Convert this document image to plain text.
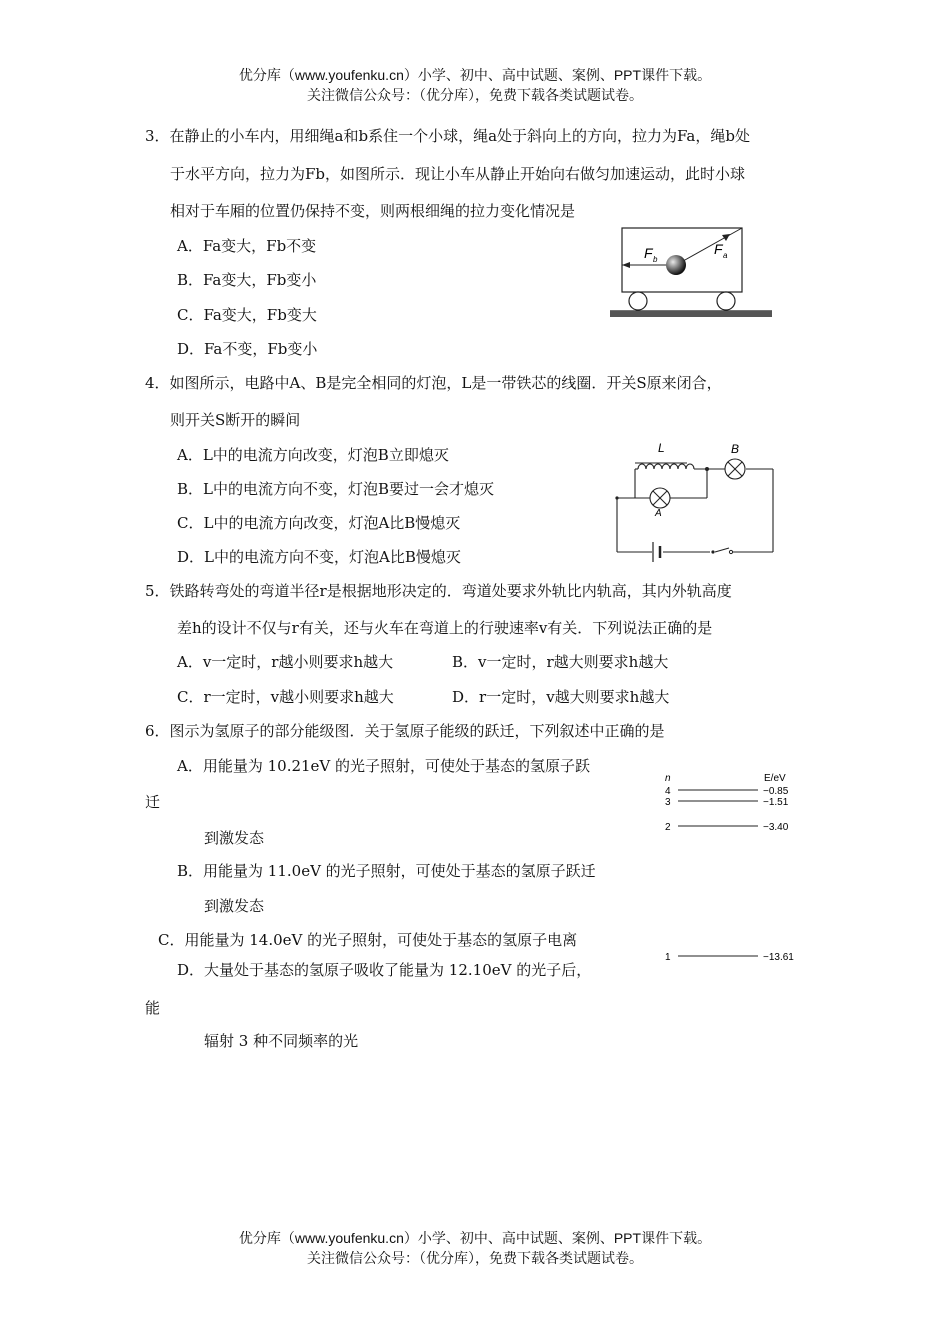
优分库（www.youfenku.cn）小学、初中、高中试题、案例、PPT课件下载。
关注微信公众号：（优分库），免费下载各类试题试卷。
3．在静止的小车内，用细绳a和b系住一个小球，绳a处于斜向上的方向，拉力为Fa，绳b处
于水平方向，拉力为Fb，如图所示．现让小车从静止开始向右做匀加速运动，此时小球
相对于车厢的位置仍保持不变，则两根细绳的拉力变化情况是
A．Fa变大，Fb不变
B．Fa变大，Fb变小
C．Fa变大，Fb变大
D．Fa不变，Fb变小
F b
F a
4．如图所示，电路中A、B是完全相同的灯泡，L是一带铁芯的线圈．开关S原来闭合，
则开关S断开的瞬间
A．L中的电流方向改变，灯泡B立即熄灭
B．L中的电流方向不变，灯泡B要过一会才熄灭
C．L中的电流方向改变，灯泡A比B慢熄灭
D．L中的电流方向不变，灯泡A比B慢熄灭
L	B
A
5．铁路转弯处的弯道半径r是根据地形决定的．弯道处要求外轨比内轨高，其内外轨高度
差h的设计不仅与r有关，还与火车在弯道上的行驶速率v有关．下列说法正确的是
A．v一定时，r越小则要求h越大	B．v一定时，r越大则要求h越大
C．r一定时，v越小则要求h越大	D．r一定时，v越大则要求h越大
6．图示为氢原子的部分能级图．关于氢原子能级的跃迁，下列叙述中正确的是
A．用能量为 10.21eV 的光子照射，可使处于基态的氢原子跃
迁
到激发态
B．用能量为 11.0eV 的光子照射，可使处于基态的氢原子跃迁
到激发态
C．用能量为 14.0eV 的光子照射，可使处于基态的氢原子电离
D．大量处于基态的氢原子吸收了能量为 12.10eV 的光子后，
能
辐射 3 种不同频率的光
n	E/eV
4	−0.85
3	−1.51
2	−3.40
1	−13.61
优分库（www.youfenku.cn）小学、初中、高中试题、案例、PPT课件下载。
关注微信公众号：（优分库），免费下载各类试题试卷。
